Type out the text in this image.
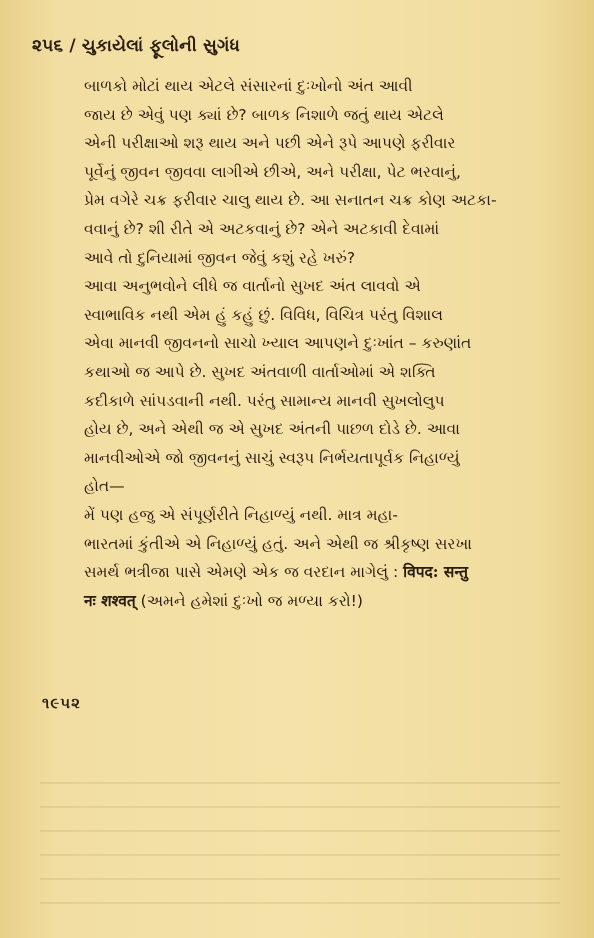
૨૫૬ / ચુકાયેલાં ફૂલોની સુગંધ

બાળકો મોટાં થાય એટલે સંસારનાં દુઃખોનો અંત આવી
જાય છે એવું પણ ક્યાં છે? બાળક નિશાળે જતું થાય એટલે
એની પરીક્ષાઓ શરૂ થાય અને પછી એને રૂપે આપણે ફરીવાર
પૂર્વેનું જીવન જીવવા લાગીએ છીએ, અને પરીક્ષા, પેટ ભરવાનું,
પ્રેમ વગેરે ચક્ર ફરીવાર ચાલુ થાય છે. આ સનાતન ચક્ર કોણ અટકા-
વવાનું છે? શી રીતે એ અટકવાનું છે? એને અટકાવી દેવામાં
આવે તો દુનિયામાં જીવન જેવું કશું રહે ખરું?

આવા અનુભવોને લીધે જ વાર્તાનો સુખદ અંત લાવવો એ
સ્વાભાવિક નથી એમ હું કહું છું. વિવિધ, વિચિત્ર પરંતુ વિશાલ
એવા માનવી જીવનનો સાચો ખ્યાલ આપણને દુઃખાંત – કરુણાંત
કથાઓ જ આપે છે. સુખદ અંતવાળી વાર્તાઓમાં એ શક્તિ
કદીકાળે સાંપડવાની નથી. પરંતુ સામાન્ય માનવી સુખલોલુપ
હોય છે, અને એથી જ એ સુખદ અંતની પાછળ દોડે છે. આવા
માનવીઓએ જો જીવનનું સાચું સ્વરૂપ નિર્ભયતાપૂર્વક નિહાળ્યું
હોત—

મેં પણ હજુ એ સંપૂર્ણરીતે નિહાળ્યું નથી. માત્ર મહા-
ભારતમાં કુંતીએ એ નિહાળ્યું હતું. અને એથી જ શ્રીકૃષ્ણ સરખા
સમર્થ ભત્રીજા પાસે એમણે એક જ વરદાન માગેલું : विपद: सन्तु
नः शश्वत् (અમને હમેશાં દુઃખો જ મળ્યા કરો!)

૧૯૫૨
